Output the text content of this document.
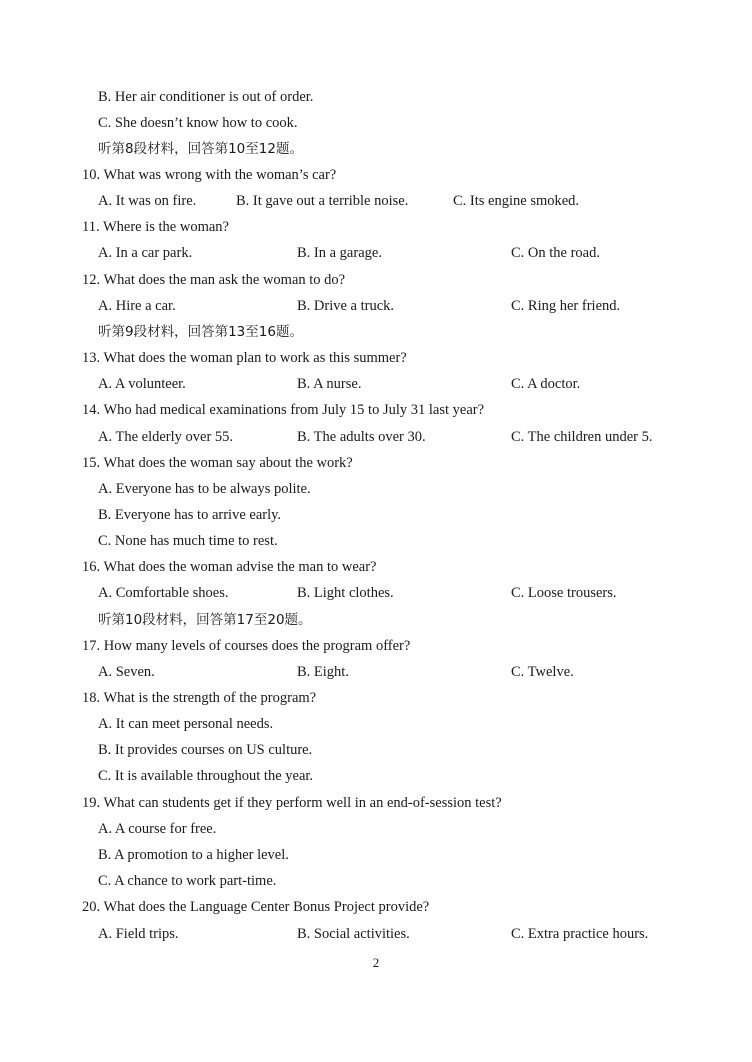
B. Her air conditioner is out of order.
C. She doesn’t know how to cook.
听第8段材料，回答第10至12题。
10. What was wrong with the woman’s car?
A. It was on fire.	B. It gave out a terrible noise.	C. Its engine smoked.
11. Where is the woman?
A. In a car park.	B. In a garage.	C. On the road.
12. What does the man ask the woman to do?
A. Hire a car.	B. Drive a truck.	C. Ring her friend.
听第9段材料，回答第13至16题。
13. What does the woman plan to work as this summer?
A. A volunteer.	B. A nurse.	C. A doctor.
14. Who had medical examinations from July 15 to July 31 last year?
A. The elderly over 55.	B. The adults over 30.	C. The children under 5.
15. What does the woman say about the work?
A. Everyone has to be always polite.
B. Everyone has to arrive early.
C. None has much time to rest.
16. What does the woman advise the man to wear?
A. Comfortable shoes.	B. Light clothes.	C. Loose trousers.
听第10段材料，回答第17至20题。
17. How many levels of courses does the program offer?
A. Seven.	B. Eight.	C. Twelve.
18. What is the strength of the program?
A. It can meet personal needs.
B. It provides courses on US culture.
C. It is available throughout the year.
19. What can students get if they perform well in an end-of-session test?
A. A course for free.
B. A promotion to a higher level.
C. A chance to work part-time.
20. What does the Language Center Bonus Project provide?
A. Field trips.	B. Social activities.	C. Extra practice hours.
2
